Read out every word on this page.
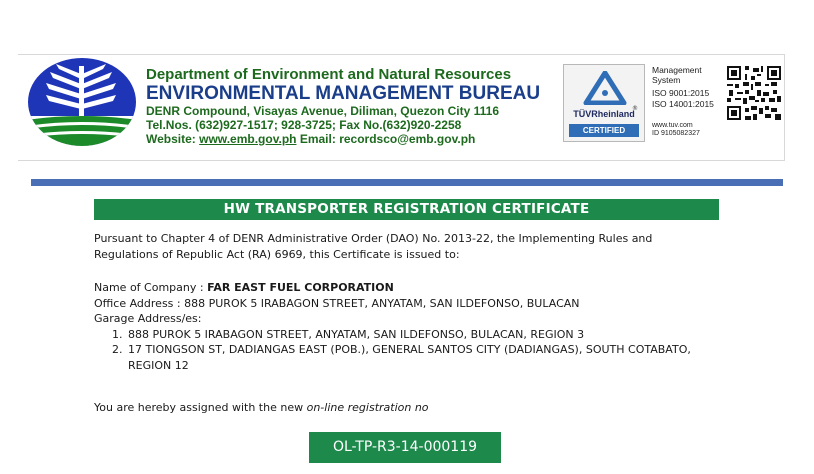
Department of Environment and Natural Resources
ENVIRONMENTAL MANAGEMENT BUREAU
DENR Compound, Visayas Avenue, Diliman, Quezon City 1116
Tel.Nos. (632)927-1517; 928-3725; Fax No.(632)920-2258
Website: www.emb.gov.ph Email: recordsco@emb.gov.ph
®
TÜVRheinland
CERTIFIED
Management
System
ISO 9001:2015
ISO 14001:2015
www.tuv.com
ID 9105082327
HW TRANSPORTER REGISTRATION CERTIFICATE
Pursuant to Chapter 4 of DENR Administrative Order (DAO) No. 2013-22, the Implementing Rules and
Regulations of Republic Act (RA) 6969, this Certificate is issued to:
Name of Company : FAR EAST FUEL CORPORATION
Office Address : 888 PUROK 5 IRABAGON STREET, ANYATAM, SAN ILDEFONSO, BULACAN
Garage Address/es:
1. 888 PUROK 5 IRABAGON STREET, ANYATAM, SAN ILDEFONSO, BULACAN, REGION 3
2. 17 TIONGSON ST, DADIANGAS EAST (POB.), GENERAL SANTOS CITY (DADIANGAS), SOUTH COTABATO,
REGION 12
You are hereby assigned with the new on-line registration no
OL-TP-R3-14-000119
